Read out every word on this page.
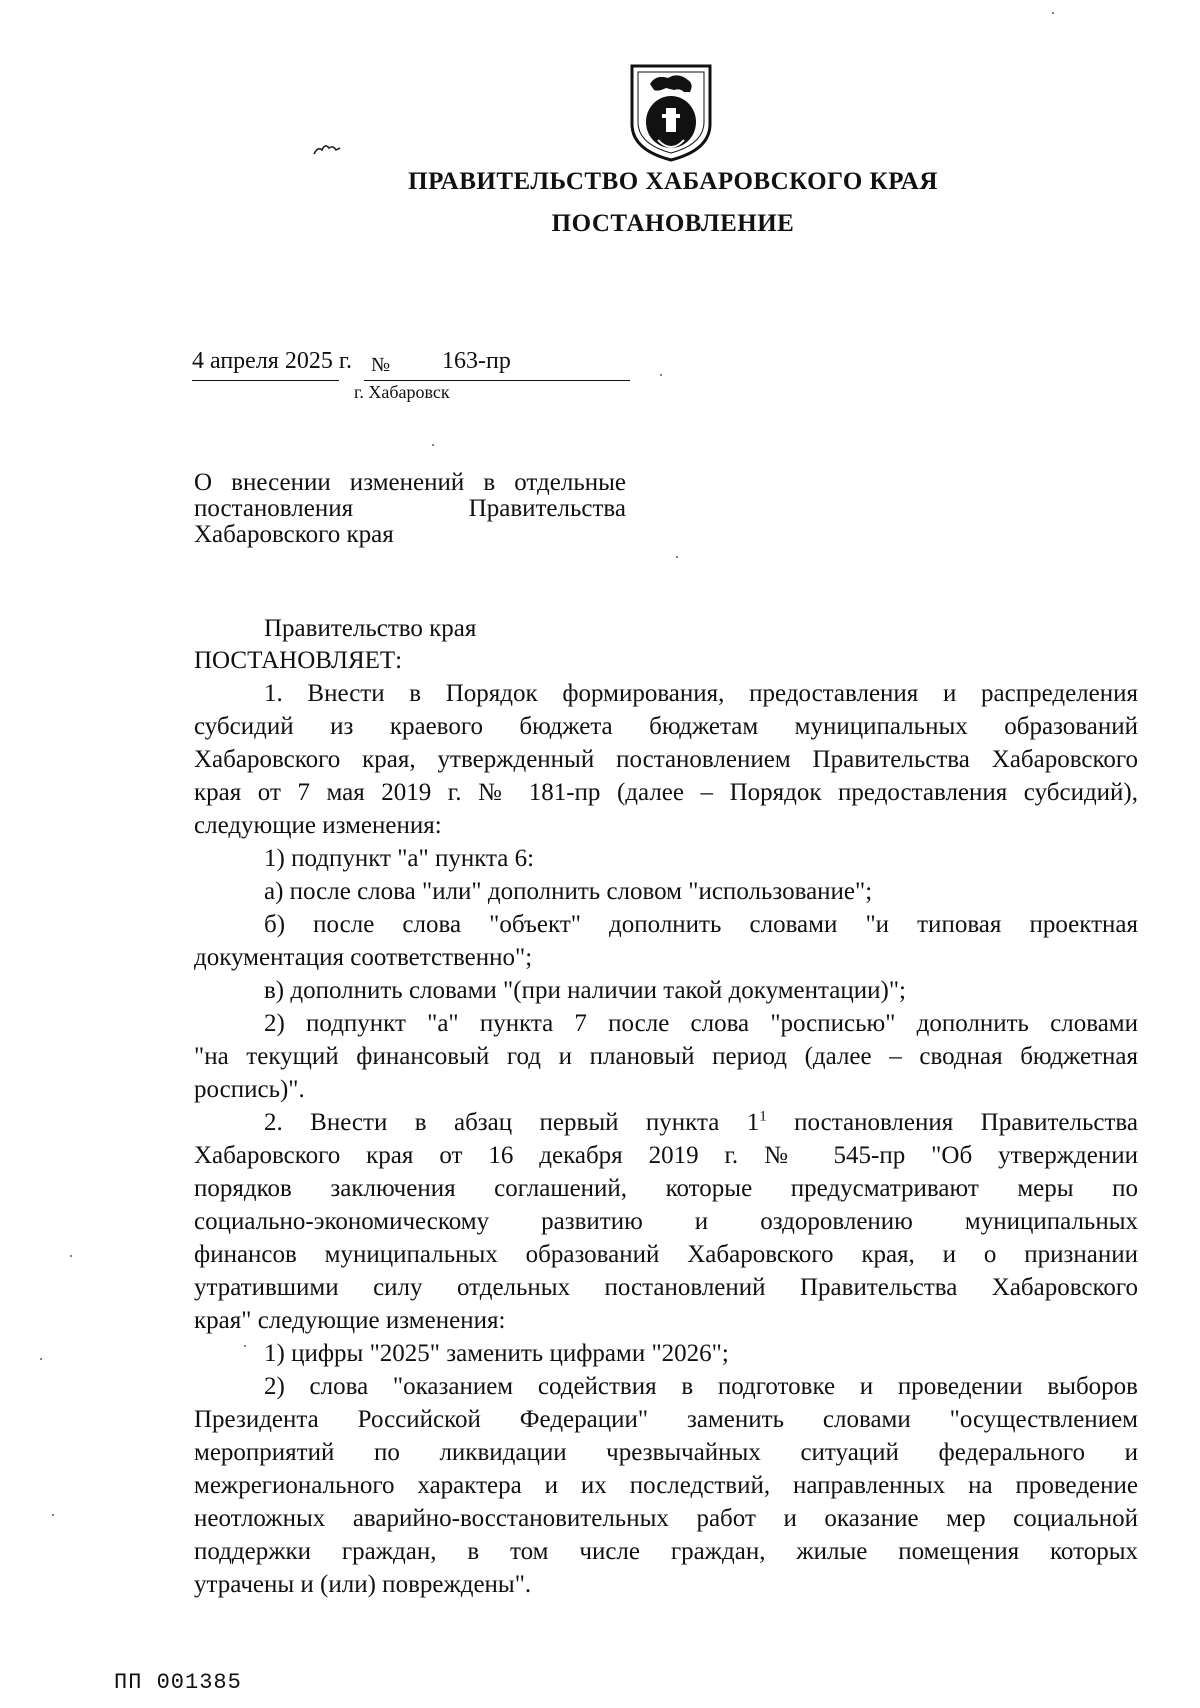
ПРАВИТЕЛЬСТВО ХАБАРОВСКОГО КРАЯ
ПОСТАНОВЛЕНИЕ
4 апреля 2025 г. № 163-пр
г. Хабаровск
О внесении изменений в отдельные
постановления Правительства
Хабаровского края
Правительство края
ПОСТАНОВЛЯЕТ:
1. Внести в Порядок формирования, предоставления и распределения
субсидий из краевого бюджета бюджетам муниципальных образований
Хабаровского края, утвержденный постановлением Правительства Хабаровского
края от 7 мая 2019 г. № 181-пр (далее – Порядок предоставления субсидий),
следующие изменения:
1) подпункт "а" пункта 6:
а) после слова "или" дополнить словом "использование";
б) после слова "объект" дополнить словами "и типовая проектная
документация соответственно";
в) дополнить словами "(при наличии такой документации)";
2) подпункт "а" пункта 7 после слова "росписью" дополнить словами
"на текущий финансовый год и плановый период (далее – сводная бюджетная
роспись)".
2. Внести в абзац первый пункта $1^1$ постановления Правительства
Хабаровского края от 16 декабря 2019 г. № 545-пр "Об утверждении
порядков заключения соглашений, которые предусматривают меры по
социально-экономическому развитию и оздоровлению муниципальных
финансов муниципальных образований Хабаровского края, и о признании
утратившими силу отдельных постановлений Правительства Хабаровского
края" следующие изменения:
1) цифры "2025" заменить цифрами "2026";
2) слова "оказанием содействия в подготовке и проведении выборов
Президента Российской Федерации" заменить словами "осуществлением
мероприятий по ликвидации чрезвычайных ситуаций федерального и
межрегионального характера и их последствий, направленных на проведение
неотложных аварийно-восстановительных работ и оказание мер социальной
поддержки граждан, в том числе граждан, жилые помещения которых
утрачены и (или) повреждены".
ПП 001385
